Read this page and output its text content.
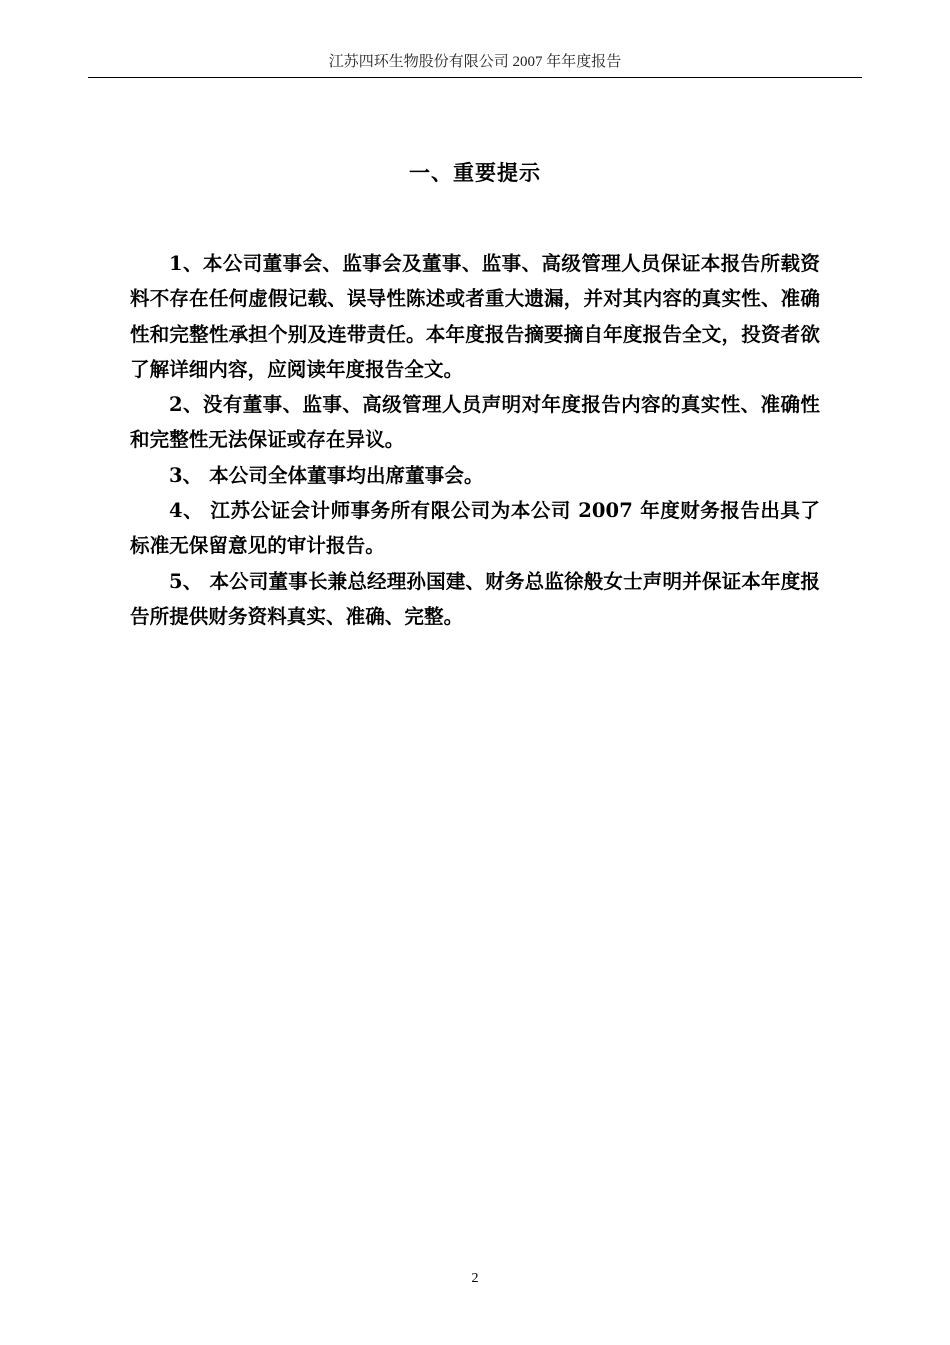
江苏四环生物股份有限公司 2007 年年度报告
一、重要提示

1、本公司董事会、监事会及董事、监事、高级管理人员保证本报告所载资料不存在任何虚假记载、误导性陈述或者重大遗漏，并对其内容的真实性、准确性和完整性承担个别及连带责任。本年度报告摘要摘自年度报告全文，投资者欲了解详细内容，应阅读年度报告全文。

2、没有董事、监事、高级管理人员声明对年度报告内容的真实性、准确性和完整性无法保证或存在异议。

3、 本公司全体董事均出席董事会。

4、 江苏公证会计师事务所有限公司为本公司 2007 年度财务报告出具了标准无保留意见的审计报告。

5、 本公司董事长兼总经理孙国建、财务总监徐般女士声明并保证本年度报告所提供财务资料真实、准确、完整。

2
